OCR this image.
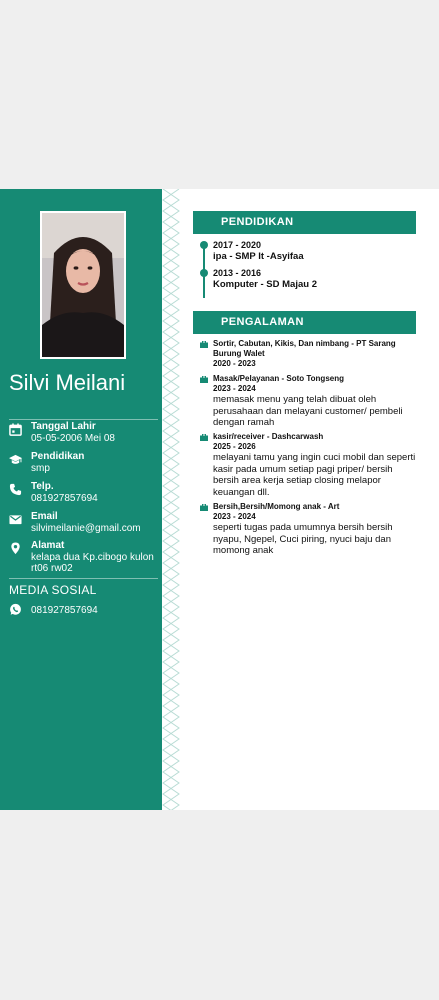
Silvi Meilani
Tanggal Lahir
05-05-2006 Mei 08
Pendidikan
smp
Telp.
081927857694
Email
silvimeilanie@gmail.com
Alamat
kelapa dua Kp.cibogo kulon rt06 rw02
MEDIA SOSIAL
081927857694
PENDIDIKAN
2017 - 2020
ipa - SMP It -Asyifaa
2013 - 2016
Komputer - SD Majau 2
PENGALAMAN
Sortir, Cabutan, Kikis, Dan nimbang - PT Sarang Burung Walet
2020 - 2023
Masak/Pelayanan - Soto Tongseng
2023 - 2024
memasak menu yang telah dibuat oleh perusahaan dan melayani customer/ pembeli dengan ramah
kasir/receiver - Dashcarwash
2025 - 2026
melayani tamu yang ingin cuci mobil dan seperti kasir pada umum setiap pagi priper/ bersih bersih area kerja setiap closing melapor keuangan dll.
Bersih,Bersih/Momong anak - Art
2023 - 2024
seperti tugas pada umumnya bersih bersih nyapu, Ngepel, Cuci piring, nyuci baju dan momong anak
